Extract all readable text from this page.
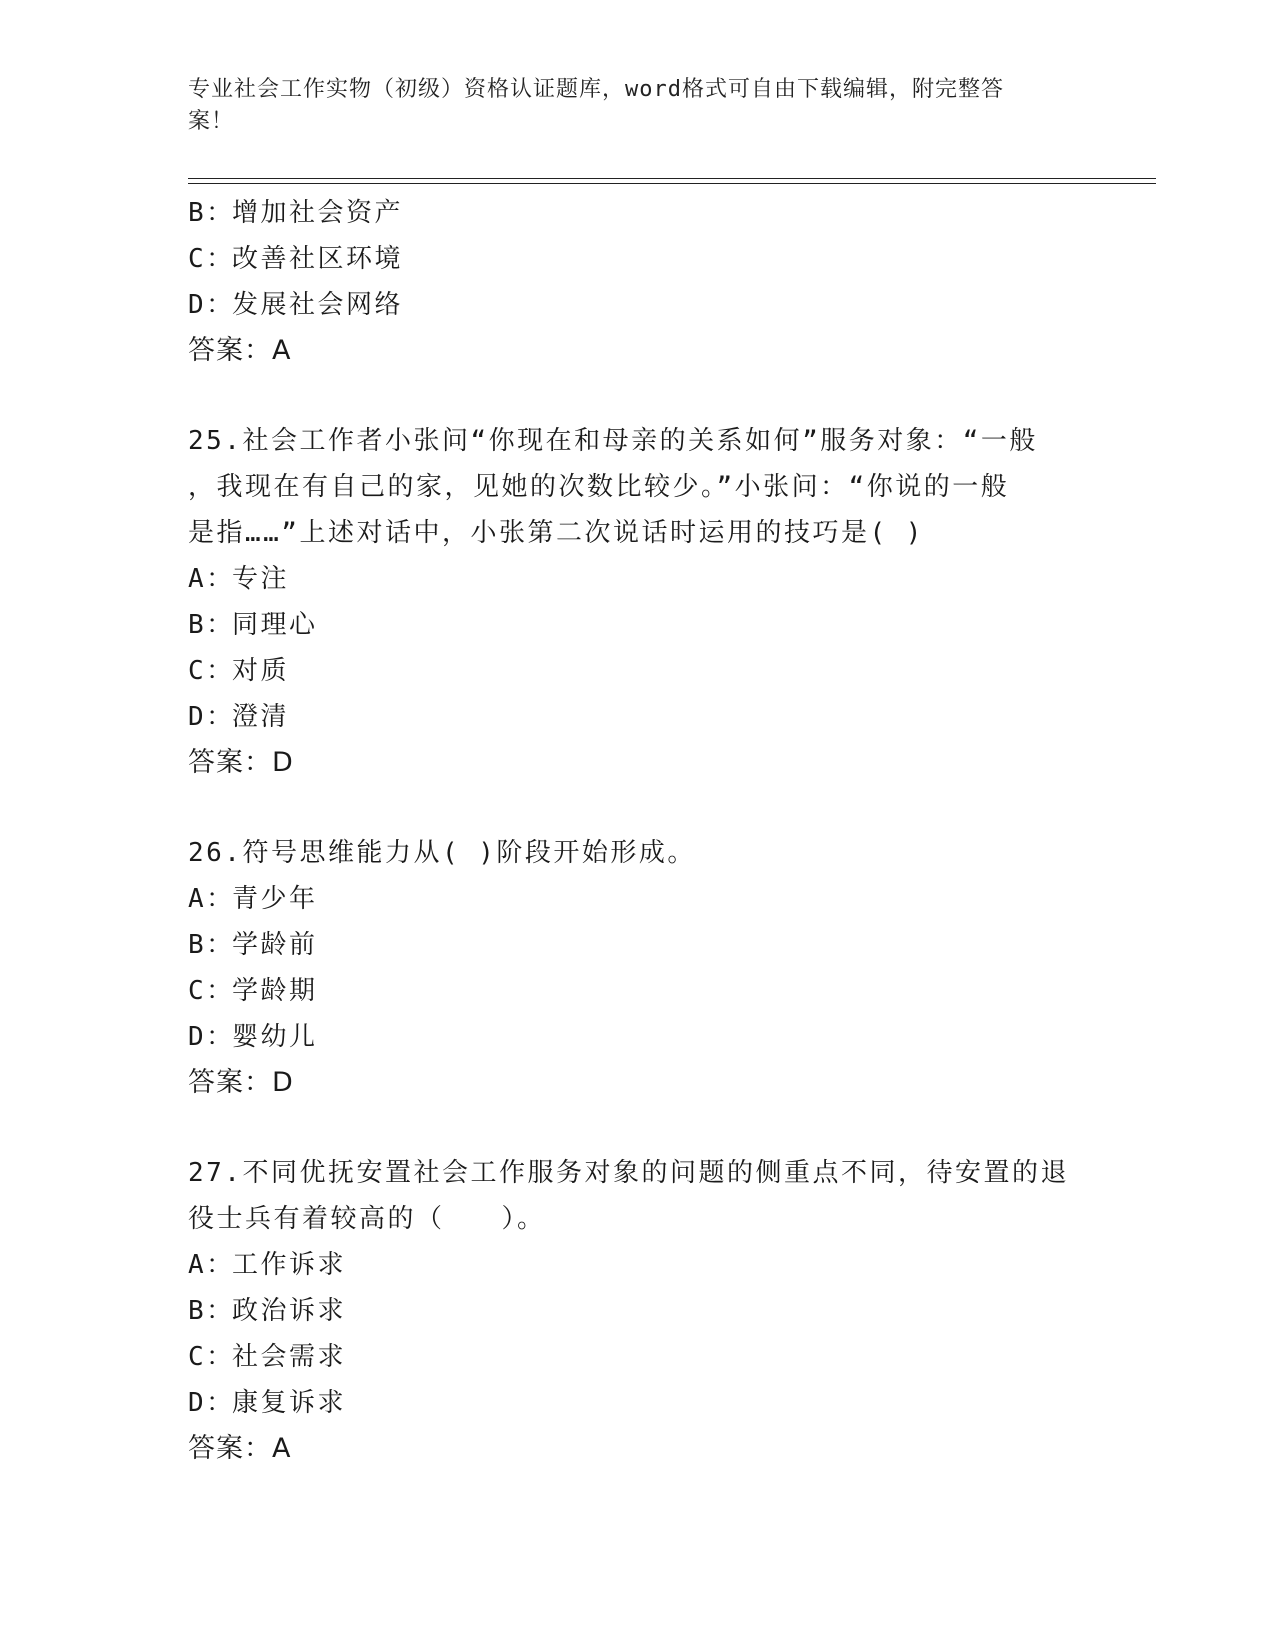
专业社会工作实物（初级）资格认证题库，word格式可自由下载编辑，附完整答
案！
B：增加社会资产
C：改善社区环境
D：发展社会网络
答案：A
25.社会工作者小张问“你现在和母亲的关系如何”服务对象：“一般
，我现在有自己的家，见她的次数比较少。”小张问：“你说的一般
是指……”上述对话中，小张第二次说话时运用的技巧是( )
A：专注
B：同理心
C：对质
D：澄清
答案：D
26.符号思维能力从( )阶段开始形成。
A：青少年
B：学龄前
C：学龄期
D：婴幼儿
答案：D
27.不同优抚安置社会工作服务对象的问题的侧重点不同，待安置的退
役士兵有着较高的（　　）。
A：工作诉求
B：政治诉求
C：社会需求
D：康复诉求
答案：A
